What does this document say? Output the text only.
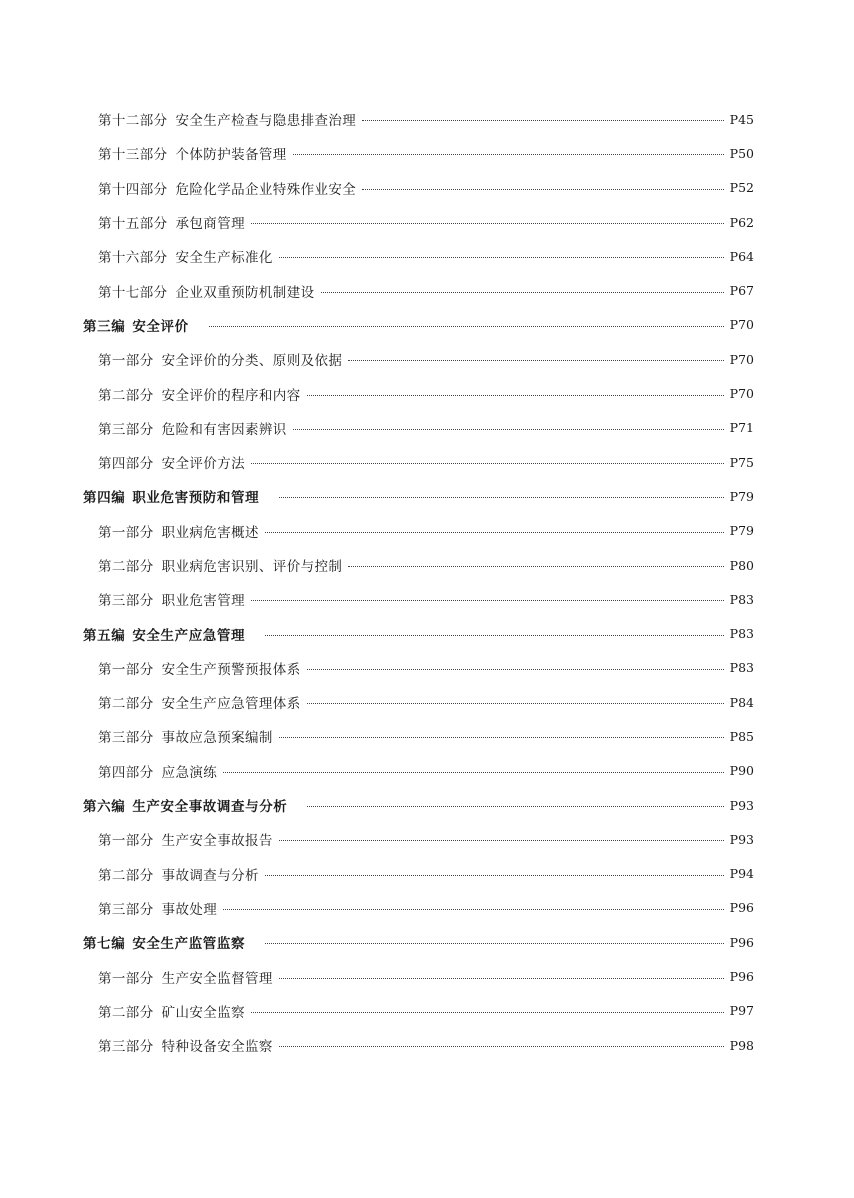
第十二部分 安全生产检查与隐患排查治理	P45
第十三部分 个体防护装备管理	P50
第十四部分 危险化学品企业特殊作业安全	P52
第十五部分 承包商管理	P62
第十六部分 安全生产标准化	P64
第十七部分 企业双重预防机制建设	P67
第三编 安全评价	P70
第一部分 安全评价的分类、原则及依据	P70
第二部分 安全评价的程序和内容	P70
第三部分 危险和有害因素辨识	P71
第四部分 安全评价方法	P75
第四编 职业危害预防和管理	P79
第一部分 职业病危害概述	P79
第二部分 职业病危害识别、评价与控制	P80
第三部分 职业危害管理	P83
第五编 安全生产应急管理	P83
第一部分 安全生产预警预报体系	P83
第二部分 安全生产应急管理体系	P84
第三部分 事故应急预案编制	P85
第四部分 应急演练	P90
第六编 生产安全事故调查与分析	P93
第一部分 生产安全事故报告	P93
第二部分 事故调查与分析	P94
第三部分 事故处理	P96
第七编 安全生产监管监察	P96
第一部分 生产安全监督管理	P96
第二部分 矿山安全监察	P97
第三部分 特种设备安全监察	P98
